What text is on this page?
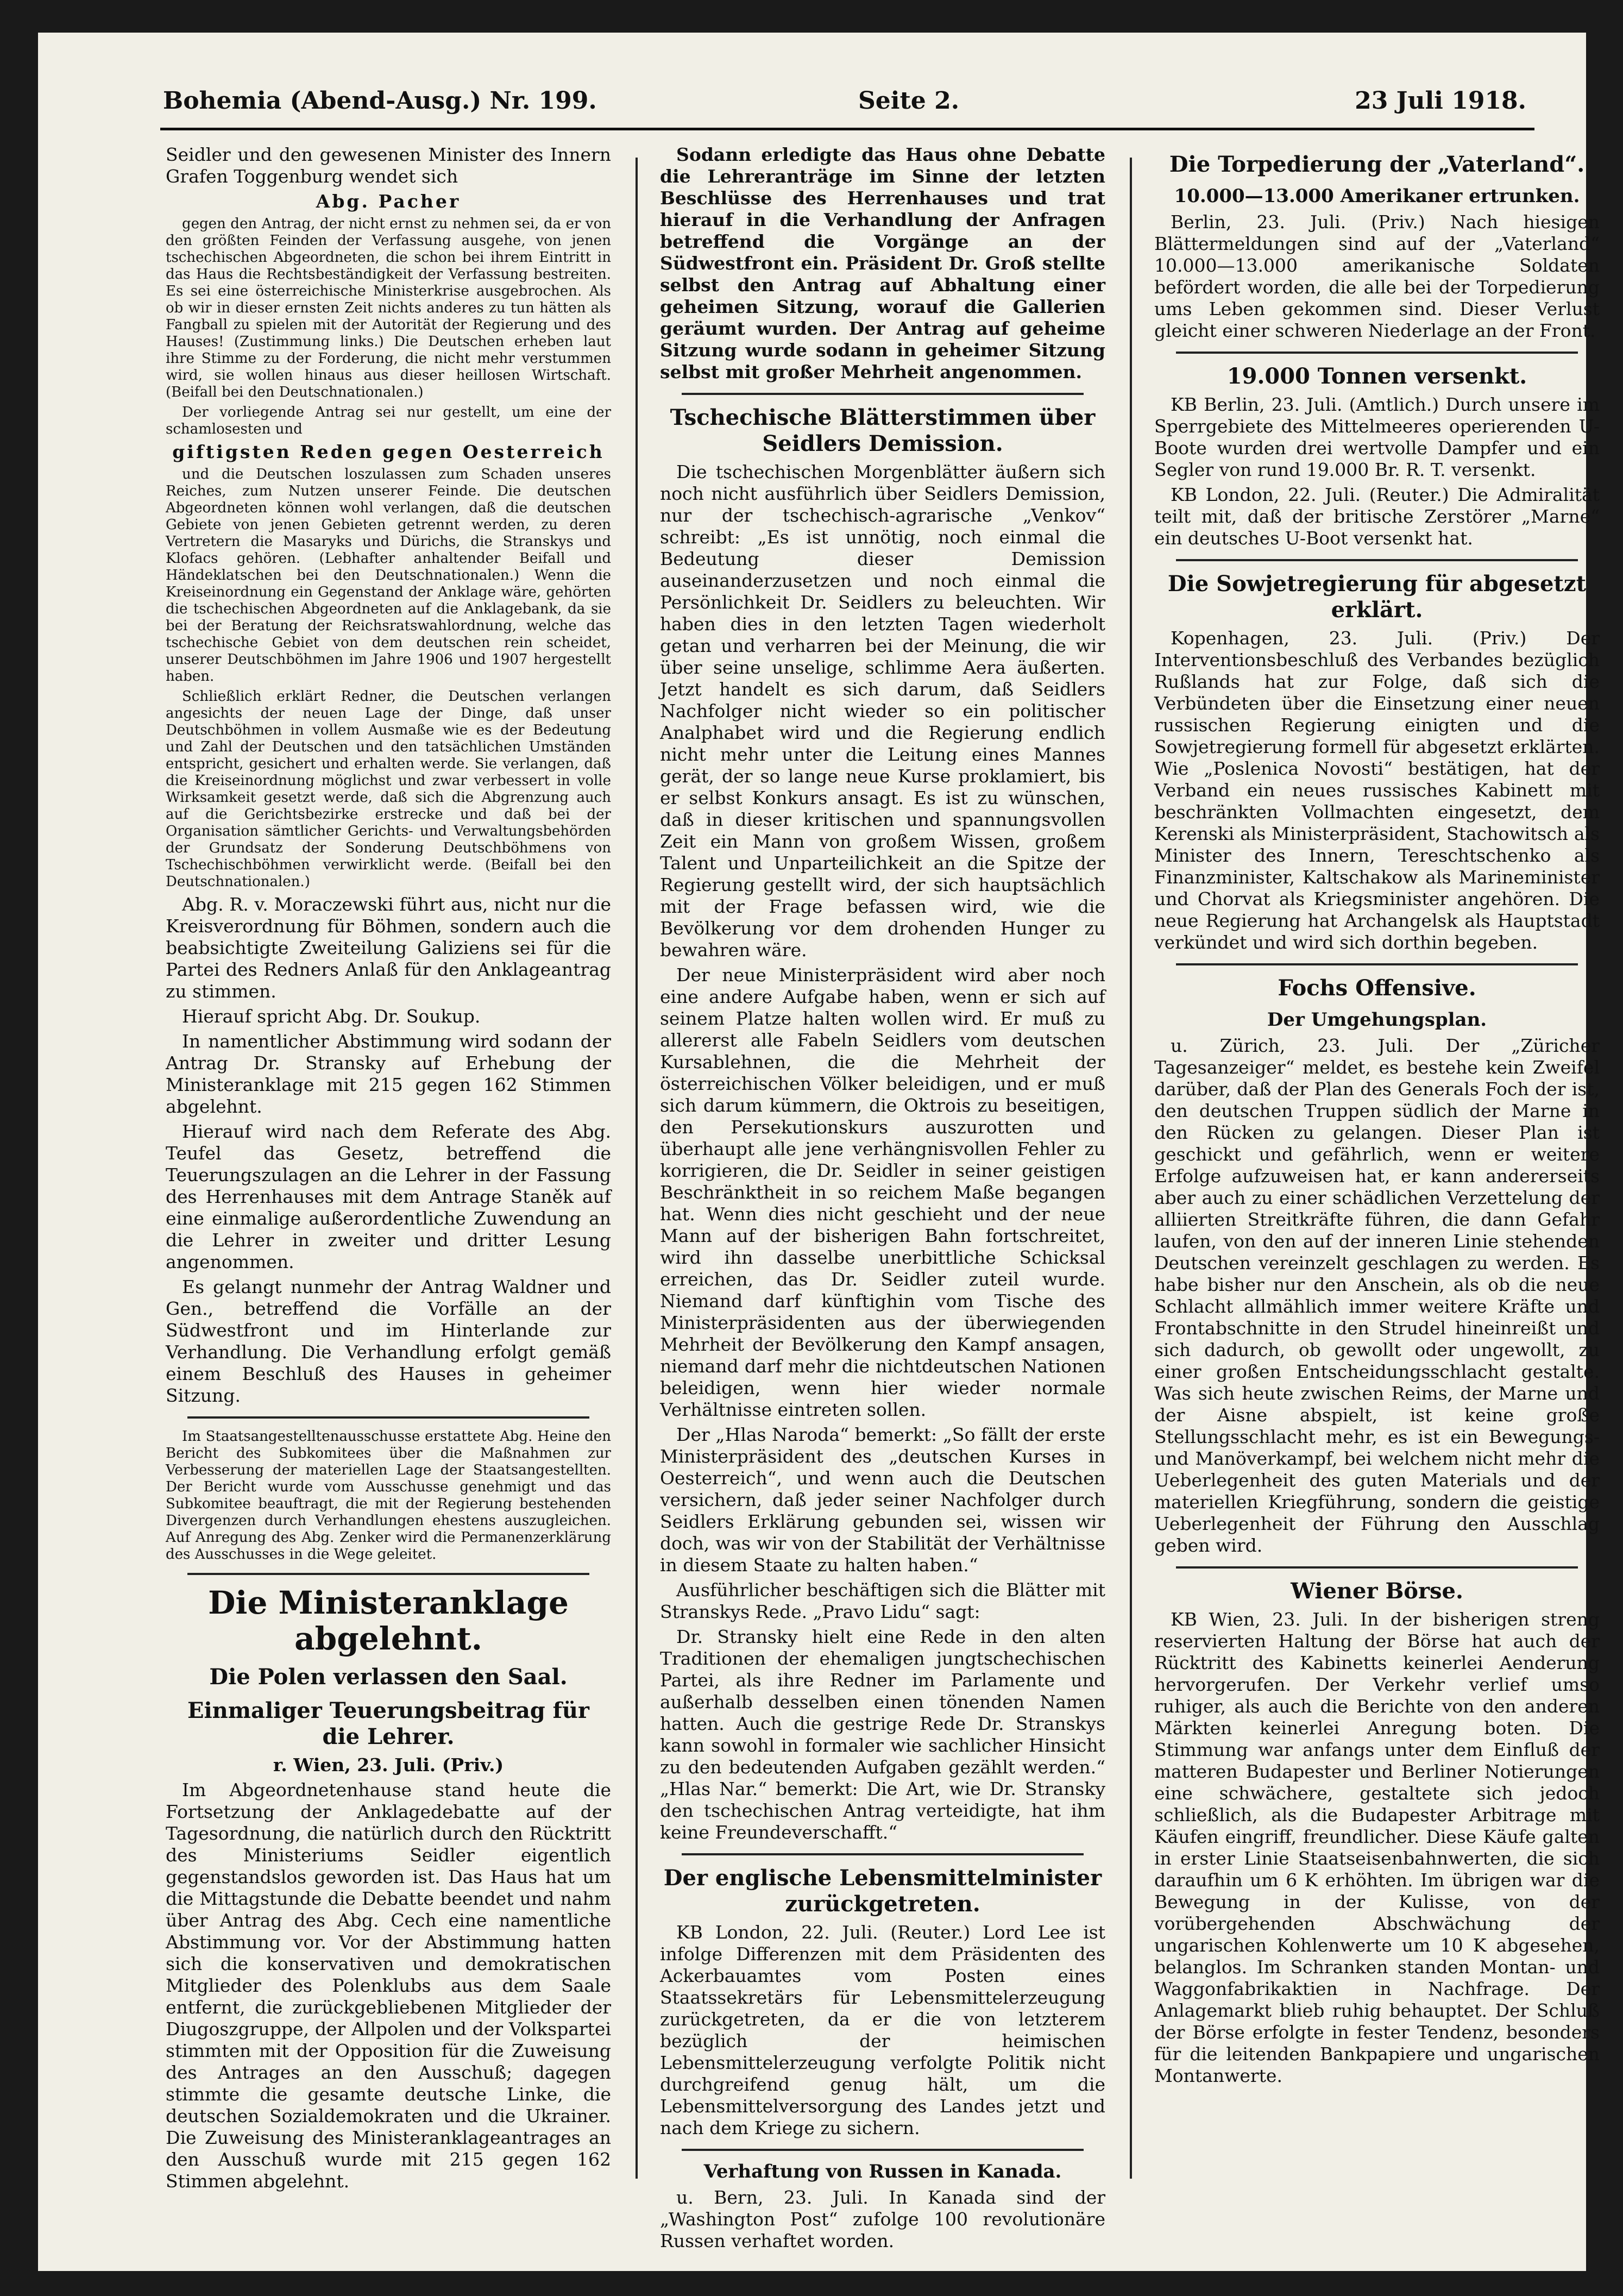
Bohemia (Abend-Ausg.) Nr. 199.	Seite 2.	23 Juli 1918.

Seidler und den gewesenen Minister des Innern Grafen Toggenburg wendet sich

Abg. Pacher

gegen den Antrag, der nicht ernst zu nehmen sei, da er von den größten Feinden der Verfassung ausgehe, von jenen tschechischen Abgeordneten, die schon bei ihrem Eintritt in das Haus die Rechtsbeständigkeit der Verfassung bestreiten. Es sei eine österreichische Ministerkrise ausgebrochen. Als ob wir in dieser ernsten Zeit nichts anderes zu tun hätten als Fangball zu spielen mit der Autorität der Regierung und des Hauses! (Zustimmung links.) Die Deutschen erheben laut ihre Stimme zu der Forderung, die nicht mehr verstummen wird, sie wollen hinaus aus dieser heillosen Wirtschaft. (Beifall bei den Deutschnationalen.)

Der vorliegende Antrag sei nur gestellt, um eine der schamlosesten und

giftigsten Reden gegen Oesterreich

und die Deutschen loszulassen zum Schaden unseres Reiches, zum Nutzen unserer Feinde. Die deutschen Abgeordneten können wohl verlangen, daß die deutschen Gebiete von jenen Gebieten getrennt werden, zu deren Vertretern die Masaryks und Dürichs, die Stranskys und Klofacs gehören. (Lebhafter anhaltender Beifall und Händeklatschen bei den Deutschnationalen.) Wenn die Kreiseinordnung ein Gegenstand der Anklage wäre, gehörten die tschechischen Abgeordneten auf die Anklagebank, da sie bei der Beratung der Reichsratswahlordnung, welche das tschechische Gebiet von dem deutschen rein scheidet, unserer Deutschböhmen im Jahre 1906 und 1907 hergestellt haben.

Schließlich erklärt Redner, die Deutschen verlangen angesichts der neuen Lage der Dinge, daß unser Deutschböhmen in vollem Ausmaße wie es der Bedeutung und Zahl der Deutschen und den tatsächlichen Umständen entspricht, gesichert und erhalten werde. Sie verlangen, daß die Kreiseinordnung möglichst und zwar verbessert in volle Wirksamkeit gesetzt werde, daß sich die Abgrenzung auch auf die Gerichtsbezirke erstrecke und daß bei der Organisation sämtlicher Gerichts- und Verwaltungsbehörden der Grundsatz der Sonderung Deutschböhmens von Tschechischböhmen verwirklicht werde. (Beifall bei den Deutschnationalen.)

Abg. R. v. Moraczewski führt aus, nicht nur die Kreisverordnung für Böhmen, sondern auch die beabsichtigte Zweiteilung Galiziens sei für die Partei des Redners Anlaß für den Anklageantrag zu stimmen.

Hierauf spricht Abg. Dr. Soukup.

In namentlicher Abstimmung wird sodann der Antrag Dr. Stransky auf Erhebung der Ministeranklage mit 215 gegen 162 Stimmen abgelehnt.

Hierauf wird nach dem Referate des Abg. Teufel das Gesetz, betreffend die Teuerungszulagen an die Lehrer in der Fassung des Herrenhauses mit dem Antrage Staněk auf eine einmalige außerordentliche Zuwendung an die Lehrer in zweiter und dritter Lesung angenommen.

Es gelangt nunmehr der Antrag Waldner und Gen., betreffend die Vorfälle an der Südwestfront und im Hinterlande zur Verhandlung. Die Verhandlung erfolgt gemäß einem Beschluß des Hauses in geheimer Sitzung.

Im Staatsangestelltenausschusse erstattete Abg. Heine den Bericht des Subkomitees über die Maßnahmen zur Verbesserung der materiellen Lage der Staatsangestellten. Der Bericht wurde vom Ausschusse genehmigt und das Subkomitee beauftragt, die mit der Regierung bestehenden Divergenzen durch Verhandlungen ehestens auszugleichen. Auf Anregung des Abg. Zenker wird die Permanenzerklärung des Ausschusses in die Wege geleitet.

Die Ministeranklage abgelehnt.
Die Polen verlassen den Saal.
Einmaliger Teuerungsbeitrag für die Lehrer.

r. Wien, 23. Juli. (Priv.)

Im Abgeordnetenhause stand heute die Fortsetzung der Anklagedebatte auf der Tagesordnung, die natürlich durch den Rücktritt des Ministeriums Seidler eigentlich gegenstandslos geworden ist. Das Haus hat um die Mittagstunde die Debatte beendet und nahm über Antrag des Abg. Cech eine namentliche Abstimmung vor. Vor der Abstimmung hatten sich die konservativen und demokratischen Mitglieder des Polenklubs aus dem Saale entfernt, die zurückgebliebenen Mitglieder der Diugoszgruppe, der Allpolen und der Volkspartei stimmten mit der Opposition für die Zuweisung des Antrages an den Ausschuß; dagegen stimmte die gesamte deutsche Linke, die deutschen Sozialdemokraten und die Ukrainer. Die Zuweisung des Ministeranklageantrages an den Ausschuß wurde mit 215 gegen 162 Stimmen abgelehnt.

Sodann erledigte das Haus ohne Debatte die Lehreranträge im Sinne der letzten Beschlüsse des Herrenhauses und trat hierauf in die Verhandlung der Anfragen betreffend die Vorgänge an der Südwestfront ein. Präsident Dr. Groß stellte selbst den Antrag auf Abhaltung einer geheimen Sitzung, worauf die Gallerien geräumt wurden. Der Antrag auf geheime Sitzung wurde sodann in geheimer Sitzung selbst mit großer Mehrheit angenommen.

Tschechische Blätterstimmen über Seidlers Demission.

Die tschechischen Morgenblätter äußern sich noch nicht ausführlich über Seidlers Demission, nur der tschechisch-agrarische „Venkov“ schreibt: „Es ist unnötig, noch einmal die Bedeutung dieser Demission auseinanderzusetzen und noch einmal die Persönlichkeit Dr. Seidlers zu beleuchten. Wir haben dies in den letzten Tagen wiederholt getan und verharren bei der Meinung, die wir über seine unselige, schlimme Aera äußerten. Jetzt handelt es sich darum, daß Seidlers Nachfolger nicht wieder so ein politischer Analphabet wird und die Regierung endlich nicht mehr unter die Leitung eines Mannes gerät, der so lange neue Kurse proklamiert, bis er selbst Konkurs ansagt. Es ist zu wünschen, daß in dieser kritischen und spannungsvollen Zeit ein Mann von großem Wissen, großem Talent und Unparteilichkeit an die Spitze der Regierung gestellt wird, der sich hauptsächlich mit der Frage befassen wird, wie die Bevölkerung vor dem drohenden Hunger zu bewahren wäre.

Der neue Ministerpräsident wird aber noch eine andere Aufgabe haben, wenn er sich auf seinem Platze halten wollen wird. Er muß zu allererst alle Fabeln Seidlers vom deutschen Kursablehnen, die die Mehrheit der österreichischen Völker beleidigen, und er muß sich darum kümmern, die Oktrois zu beseitigen, den Persekutionskurs auszurotten und überhaupt alle jene verhängnisvollen Fehler zu korrigieren, die Dr. Seidler in seiner geistigen Beschränktheit in so reichem Maße begangen hat. Wenn dies nicht geschieht und der neue Mann auf der bisherigen Bahn fortschreitet, wird ihn dasselbe unerbittliche Schicksal erreichen, das Dr. Seidler zuteil wurde. Niemand darf künftighin vom Tische des Ministerpräsidenten aus der überwiegenden Mehrheit der Bevölkerung den Kampf ansagen, niemand darf mehr die nichtdeutschen Nationen beleidigen, wenn hier wieder normale Verhältnisse eintreten sollen.

Der „Hlas Naroda“ bemerkt: „So fällt der erste Ministerpräsident des „deutschen Kurses in Oesterreich“, und wenn auch die Deutschen versichern, daß jeder seiner Nachfolger durch Seidlers Erklärung gebunden sei, wissen wir doch, was wir von der Stabilität der Verhältnisse in diesem Staate zu halten haben.“

Ausführlicher beschäftigen sich die Blätter mit Stranskys Rede. „Pravo Lidu“ sagt:

Dr. Stransky hielt eine Rede in den alten Traditionen der ehemaligen jungtschechischen Partei, als ihre Redner im Parlamente und außerhalb desselben einen tönenden Namen hatten. Auch die gestrige Rede Dr. Stranskys kann sowohl in formaler wie sachlicher Hinsicht zu den bedeutenden Aufgaben gezählt werden.“ „Hlas Nar.“ bemerkt: Die Art, wie Dr. Stransky den tschechischen Antrag verteidigte, hat ihm keine Freundeverschafft.“

Der englische Lebensmittelminister zurückgetreten.

KB London, 22. Juli. (Reuter.) Lord Lee ist infolge Differenzen mit dem Präsidenten des Ackerbauamtes vom Posten eines Staatssekretärs für Lebensmittelerzeugung zurückgetreten, da er die von letzterem bezüglich der heimischen Lebensmittelerzeugung verfolgte Politik nicht durchgreifend genug hält, um die Lebensmittelversorgung des Landes jetzt und nach dem Kriege zu sichern.

Verhaftung von Russen in Kanada.

u. Bern, 23. Juli. In Kanada sind der „Washington Post“ zufolge 100 revolutionäre Russen verhaftet worden.

Die Torpedierung der „Vaterland“.
10.000—13.000 Amerikaner ertrunken.

Berlin, 23. Juli. (Priv.) Nach hiesigen Blättermeldungen sind auf der „Vaterland“ 10.000—13.000 amerikanische Soldaten befördert worden, die alle bei der Torpedierung ums Leben gekommen sind. Dieser Verlust gleicht einer schweren Niederlage an der Front.

19.000 Tonnen versenkt.

KB Berlin, 23. Juli. (Amtlich.) Durch unsere im Sperrgebiete des Mittelmeeres operierenden U-Boote wurden drei wertvolle Dampfer und ein Segler von rund 19.000 Br. R. T. versenkt.

KB London, 22. Juli. (Reuter.) Die Admiralität teilt mit, daß der britische Zerstörer „Marne“ ein deutsches U-Boot versenkt hat.

Die Sowjetregierung für abgesetzt erklärt.

Kopenhagen, 23. Juli. (Priv.) Der Interventionsbeschluß des Verbandes bezüglich Rußlands hat zur Folge, daß sich die Verbündeten über die Einsetzung einer neuen russischen Regierung einigten und die Sowjetregierung formell für abgesetzt erklärten. Wie „Poslenica Novosti“ bestätigen, hat der Verband ein neues russisches Kabinett mit beschränkten Vollmachten eingesetzt, dem Kerenski als Ministerpräsident, Stachowitsch als Minister des Innern, Tereschtschenko als Finanzminister, Kaltschakow als Marineminister und Chorvat als Kriegsminister angehören. Die neue Regierung hat Archangelsk als Hauptstadt verkündet und wird sich dorthin begeben.

Fochs Offensive.
Der Umgehungsplan.

u. Zürich, 23. Juli. Der „Züricher Tagesanzeiger“ meldet, es bestehe kein Zweifel darüber, daß der Plan des Generals Foch der ist, den deutschen Truppen südlich der Marne in den Rücken zu gelangen. Dieser Plan ist geschickt und gefährlich, wenn er weitere Erfolge aufzuweisen hat, er kann andererseits aber auch zu einer schädlichen Verzettelung der alliierten Streitkräfte führen, die dann Gefahr laufen, von den auf der inneren Linie stehenden Deutschen vereinzelt geschlagen zu werden. Es habe bisher nur den Anschein, als ob die neue Schlacht allmählich immer weitere Kräfte und Frontabschnitte in den Strudel hineinreißt und sich dadurch, ob gewollt oder ungewollt, zu einer großen Entscheidungsschlacht gestalte. Was sich heute zwischen Reims, der Marne und der Aisne abspielt, ist keine große Stellungsschlacht mehr, es ist ein Bewegungs- und Manöverkampf, bei welchem nicht mehr die Ueberlegenheit des guten Materials und der materiellen Kriegführung, sondern die geistige Ueberlegenheit der Führung den Ausschlag geben wird.

Wiener Börse.

KB Wien, 23. Juli. In der bisherigen streng reservierten Haltung der Börse hat auch der Rücktritt des Kabinetts keinerlei Aenderung hervorgerufen. Der Verkehr verlief umso ruhiger, als auch die Berichte von den anderen Märkten keinerlei Anregung boten. Die Stimmung war anfangs unter dem Einfluß der matteren Budapester und Berliner Notierungen eine schwächere, gestaltete sich jedoch schließlich, als die Budapester Arbitrage mit Käufen eingriff, freundlicher. Diese Käufe galten in erster Linie Staatseisenbahnwerten, die sich daraufhin um 6 K erhöhten. Im übrigen war die Bewegung in der Kulisse, von der vorübergehenden Abschwächung der ungarischen Kohlenwerte um 10 K abgesehen, belanglos. Im Schranken standen Montan- und Waggonfabrikaktien in Nachfrage. Der Anlagemarkt blieb ruhig behauptet. Der Schluß der Börse erfolgte in fester Tendenz, besonders für die leitenden Bankpapiere und ungarischen Montanwerte.
